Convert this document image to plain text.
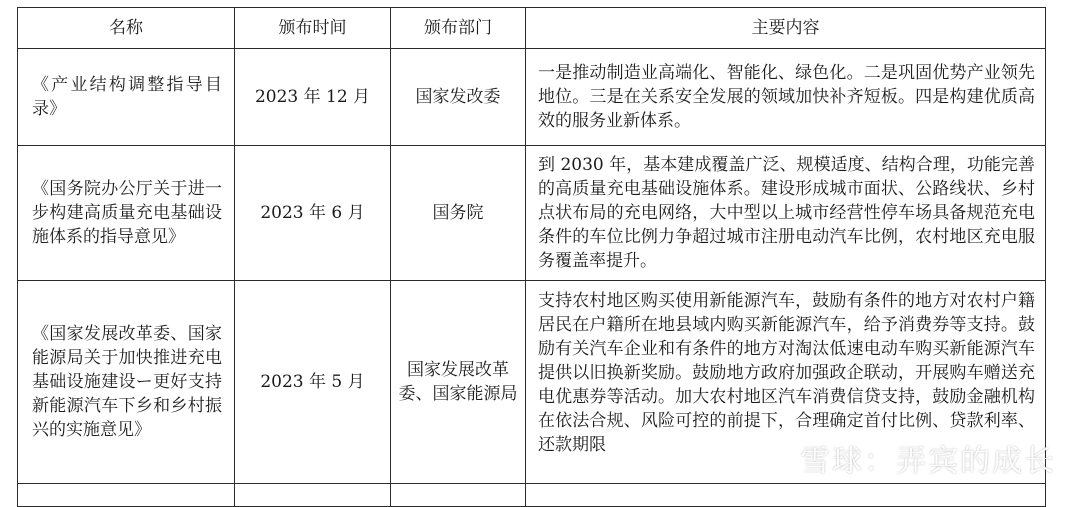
名称	颁布时间	颁布部门	主要内容
《产业结构调整指导目录》	2023 年 12 月	国家发改委	一是推动制造业高端化、智能化、绿色化。二是巩固优势产业领先地位。三是在关系安全发展的领域加快补齐短板。四是构建优质高效的服务业新体系。
《国务院办公厅关于进一步构建高质量充电基础设施体系的指导意见》	2023 年 6 月	国务院	到 2030 年，基本建成覆盖广泛、规模适度、结构合理，功能完善的高质量充电基础设施体系。建设形成城市面状、公路线状、乡村点状布局的充电网络，大中型以上城市经营性停车场具备规范充电条件的车位比例力争超过城市注册电动汽车比例，农村地区充电服务覆盖率提升。
《国家发展改革委、国家能源局关于加快推进充电基础设施建设ー更好支持新能源汽车下乡和乡村振兴的实施意见》	2023 年 5 月	国家发展改革委、国家能源局	支持农村地区购买使用新能源汽车，鼓励有条件的地方对农村户籍居民在户籍所在地县域内购买新能源汽车，给予消费券等支持。鼓励有关汽车企业和有条件的地方对淘汰低速电动车购买新能源汽车提供以旧换新奖励。鼓励地方政府加强政企联动，开展购车赠送充电优惠券等活动。加大农村地区汽车消费信贷支持，鼓励金融机构在依法合规、风险可控的前提下，合理确定首付比例、贷款利率、还款期限
				雪球：弄宾的成长
